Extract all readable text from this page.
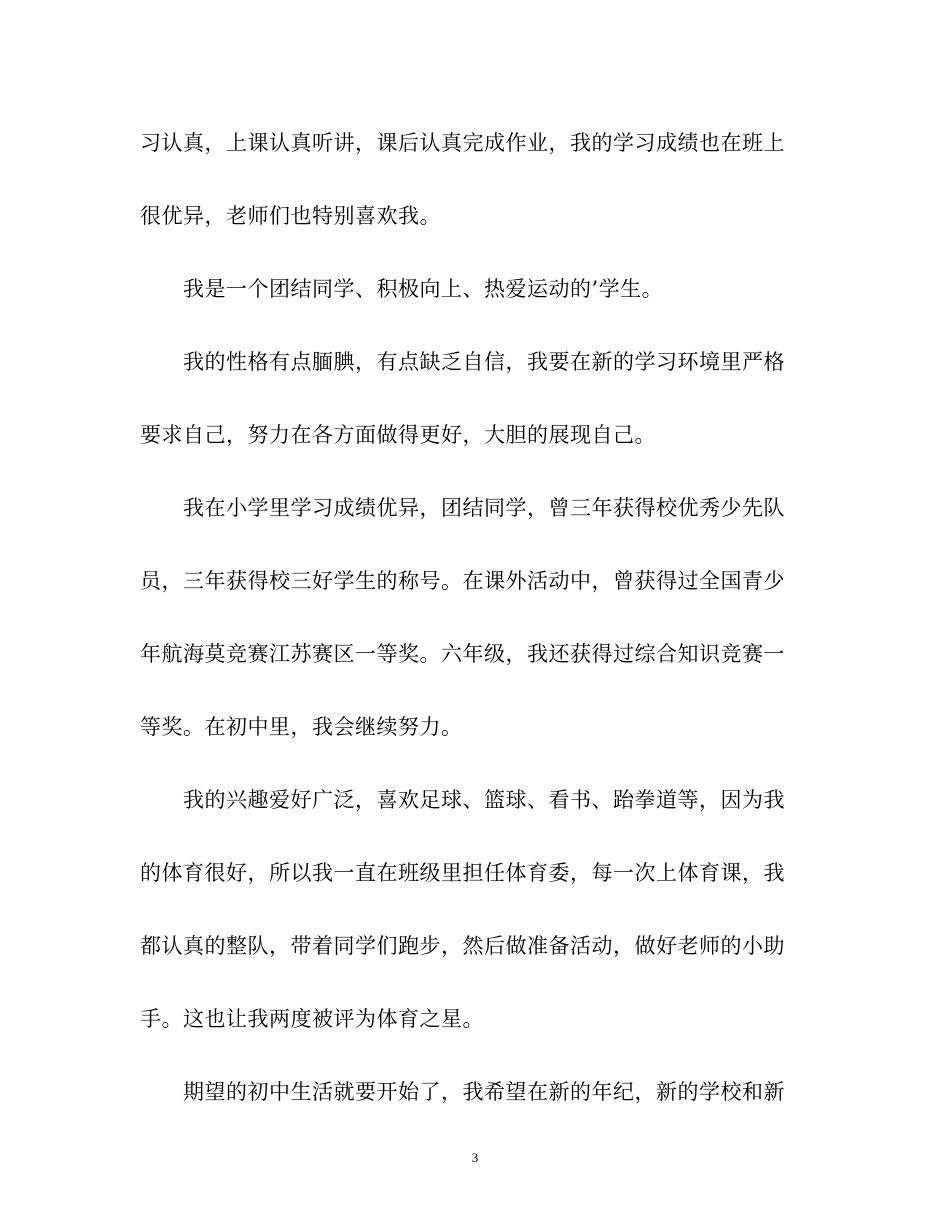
习认真，上课认真听讲，课后认真完成作业，我的学习成绩也在班上
很优异，老师们也特别喜欢我。
我是一个团结同学、积极向上、热爱运动的’学生。
我的性格有点腼腆，有点缺乏自信，我要在新的学习环境里严格
要求自己，努力在各方面做得更好，大胆的展现自己。
我在小学里学习成绩优异，团结同学，曾三年获得校优秀少先队
员，三年获得校三好学生的称号。在课外活动中，曾获得过全国青少
年航海莫竞赛江苏赛区一等奖。六年级，我还获得过综合知识竞赛一
等奖。在初中里，我会继续努力。
我的兴趣爱好广泛，喜欢足球、篮球、看书、跆拳道等，因为我
的体育很好，所以我一直在班级里担任体育委，每一次上体育课，我
都认真的整队，带着同学们跑步，然后做准备活动，做好老师的小助
手。这也让我两度被评为体育之星。
期望的初中生活就要开始了，我希望在新的年纪，新的学校和新
3
